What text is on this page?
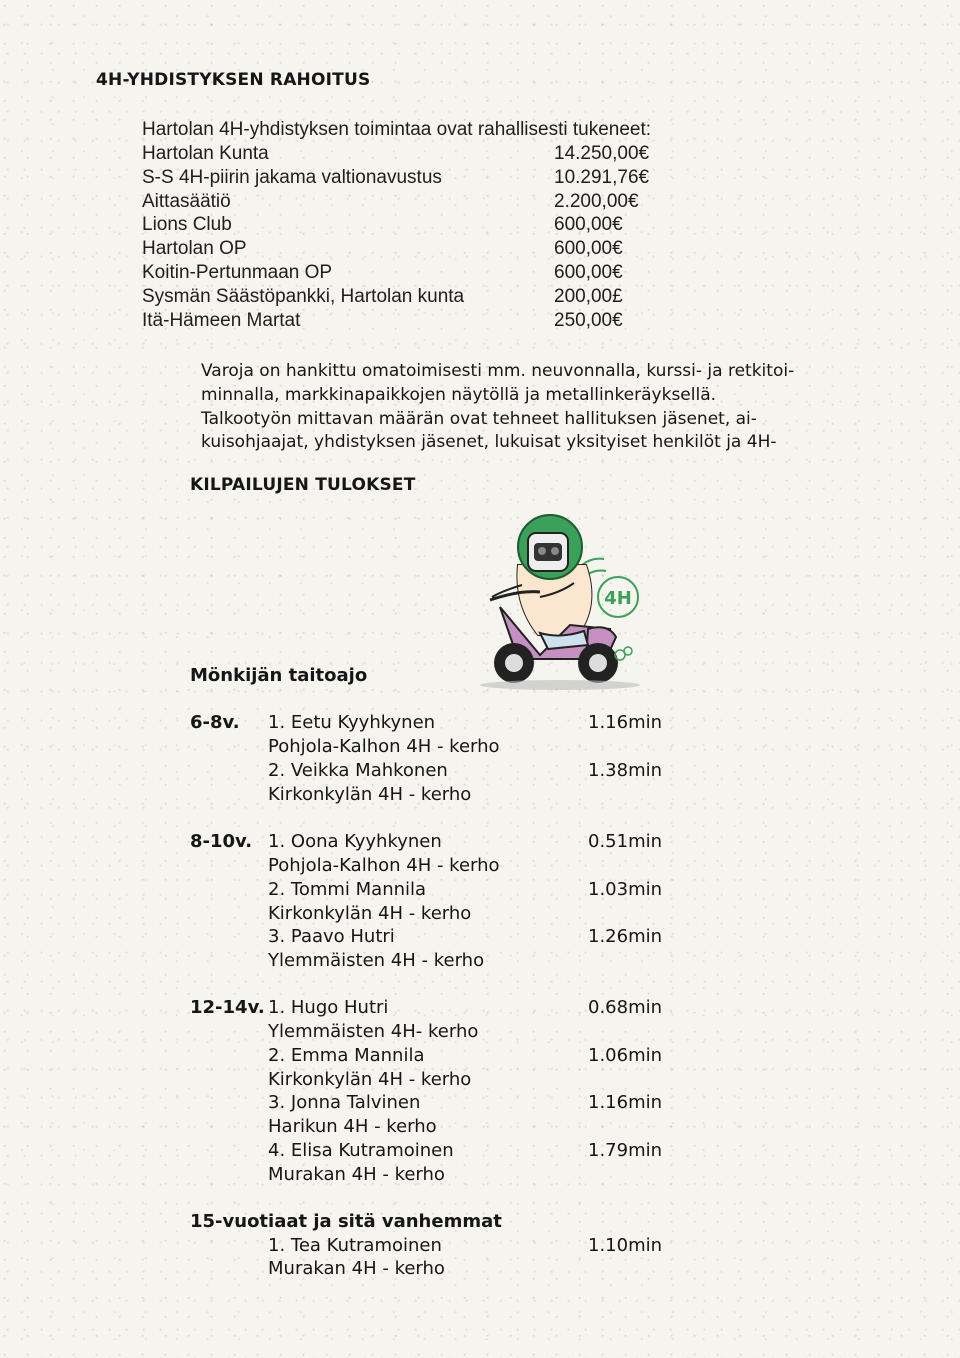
4H-YHDISTYKSEN RAHOITUS
Hartolan 4H-yhdistyksen toimintaa ovat rahallisesti tukeneet:
Hartolan Kunta	14.250,00€
S-S 4H-piirin jakama valtionavustus	10.291,76€
Aittasäätiö	2.200,00€
Lions Club	600,00€
Hartolan OP	600,00€
Koitin-Pertunmaan OP	600,00€
Sysmän Säästöpankki, Hartolan kunta	200,00£
Itä-Hämeen Martat	250,00€
Varoja on hankittu omatoimisesti mm. neuvonnalla, kurssi- ja retkitoi-
minnalla, markkinapaikkojen näytöllä ja metallinkeräyksellä.
Talkootyön mittavan määrän ovat tehneet hallituksen jäsenet, ai-
kuisohjaajat, yhdistyksen jäsenet, lukuisat yksityiset henkilöt ja 4H-
KILPAILUJEN TULOKSET
4H
Mönkijän taitoajo
6-8v. 1. Eetu Kyyhkynen	1.16min
Pohjola-Kalhon 4H - kerho
2. Veikka Mahkonen	1.38min
Kirkonkylän 4H - kerho
8-10v. 1. Oona Kyyhkynen	0.51min
Pohjola-Kalhon 4H - kerho
2. Tommi Mannila	1.03min
Kirkonkylän 4H - kerho
3. Paavo Hutri	1.26min
Ylemmäisten 4H - kerho
12-14v. 1. Hugo Hutri	0.68min
Ylemmäisten 4H- kerho
2. Emma Mannila	1.06min
Kirkonkylän 4H - kerho
3. Jonna Talvinen	1.16min
Harikun 4H - kerho
4. Elisa Kutramoinen	1.79min
Murakan 4H - kerho
15-vuotiaat ja sitä vanhemmat
1. Tea Kutramoinen	1.10min
Murakan 4H - kerho
